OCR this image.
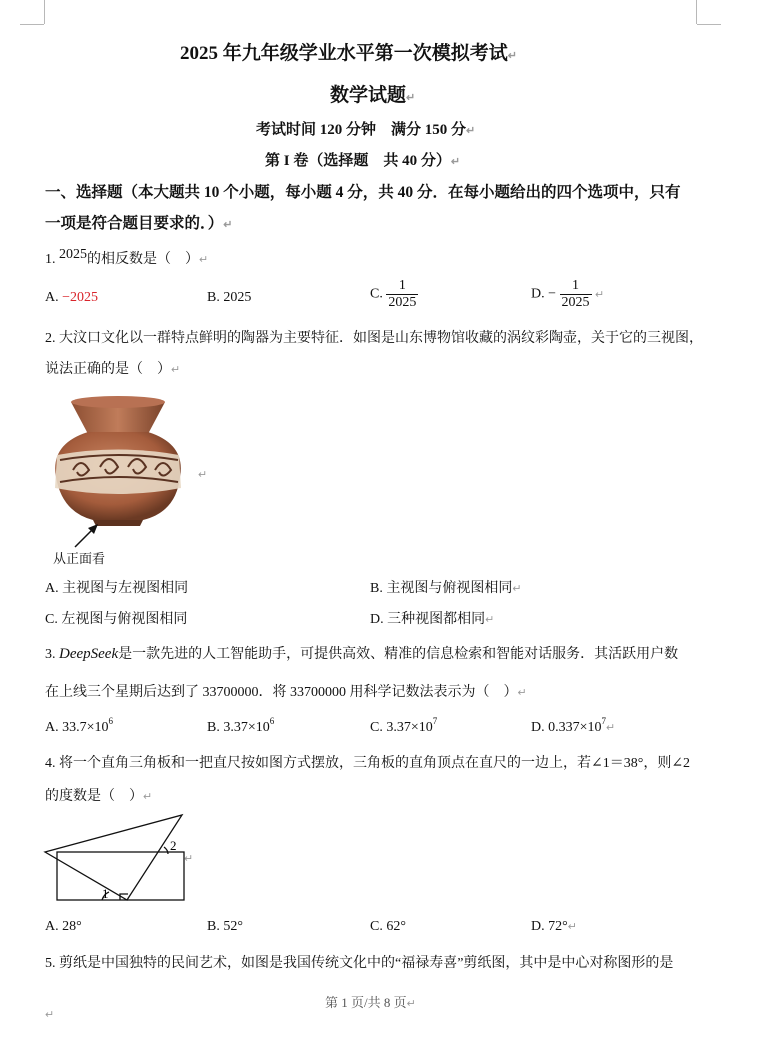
2025 年九年级学业水平第一次模拟考试↵
数学试题↵
考试时间 120 分钟　满分 150 分↵
第 I 卷（选择题　共 40 分）↵
一、选择题（本大题共 10 个小题，每小题 4 分，共 40 分．在每小题给出的四个选项中，只有
一项是符合题目要求的．）↵
1. 2025的相反数是（　）↵
A. −2025	B. 2025	C. $\frac{1}{2025}$	D. − $\frac{1}{2025}$ ↵
2. 大汶口文化以一群特点鲜明的陶器为主要特征．如图是山东博物馆收藏的涡纹彩陶壶，关于它的三视图，
说法正确的是（　）↵
↵
从正面看
A. 主视图与左视图相同	B. 主视图与俯视图相同↵
C. 左视图与俯视图相同	D. 三种视图都相同↵
3. DeepSeek是一款先进的人工智能助手，可提供高效、精准的信息检索和智能对话服务．其活跃用户数
在上线三个星期后达到了 33700000．将 33700000 用科学记数法表示为（　）↵
A. $33.7\times 10^6$	B. $3.37\times 10^6$	C. $3.37\times 10^7$	D. $0.337\times 10^7↵$
4. 将一个直角三角板和一把直尺按如图方式摆放，三角板的直角顶点在直尺的一边上，若∠1＝38°，则∠2
的度数是（　）↵
1
2
↵
A. 28°	B. 52°	C. 62°	D. 72°↵
5. 剪纸是中国独特的民间艺术，如图是我国传统文化中的“福禄寿喜”剪纸图，其中是中心对称图形的是
第 1 页/共 8 页↵
↵
